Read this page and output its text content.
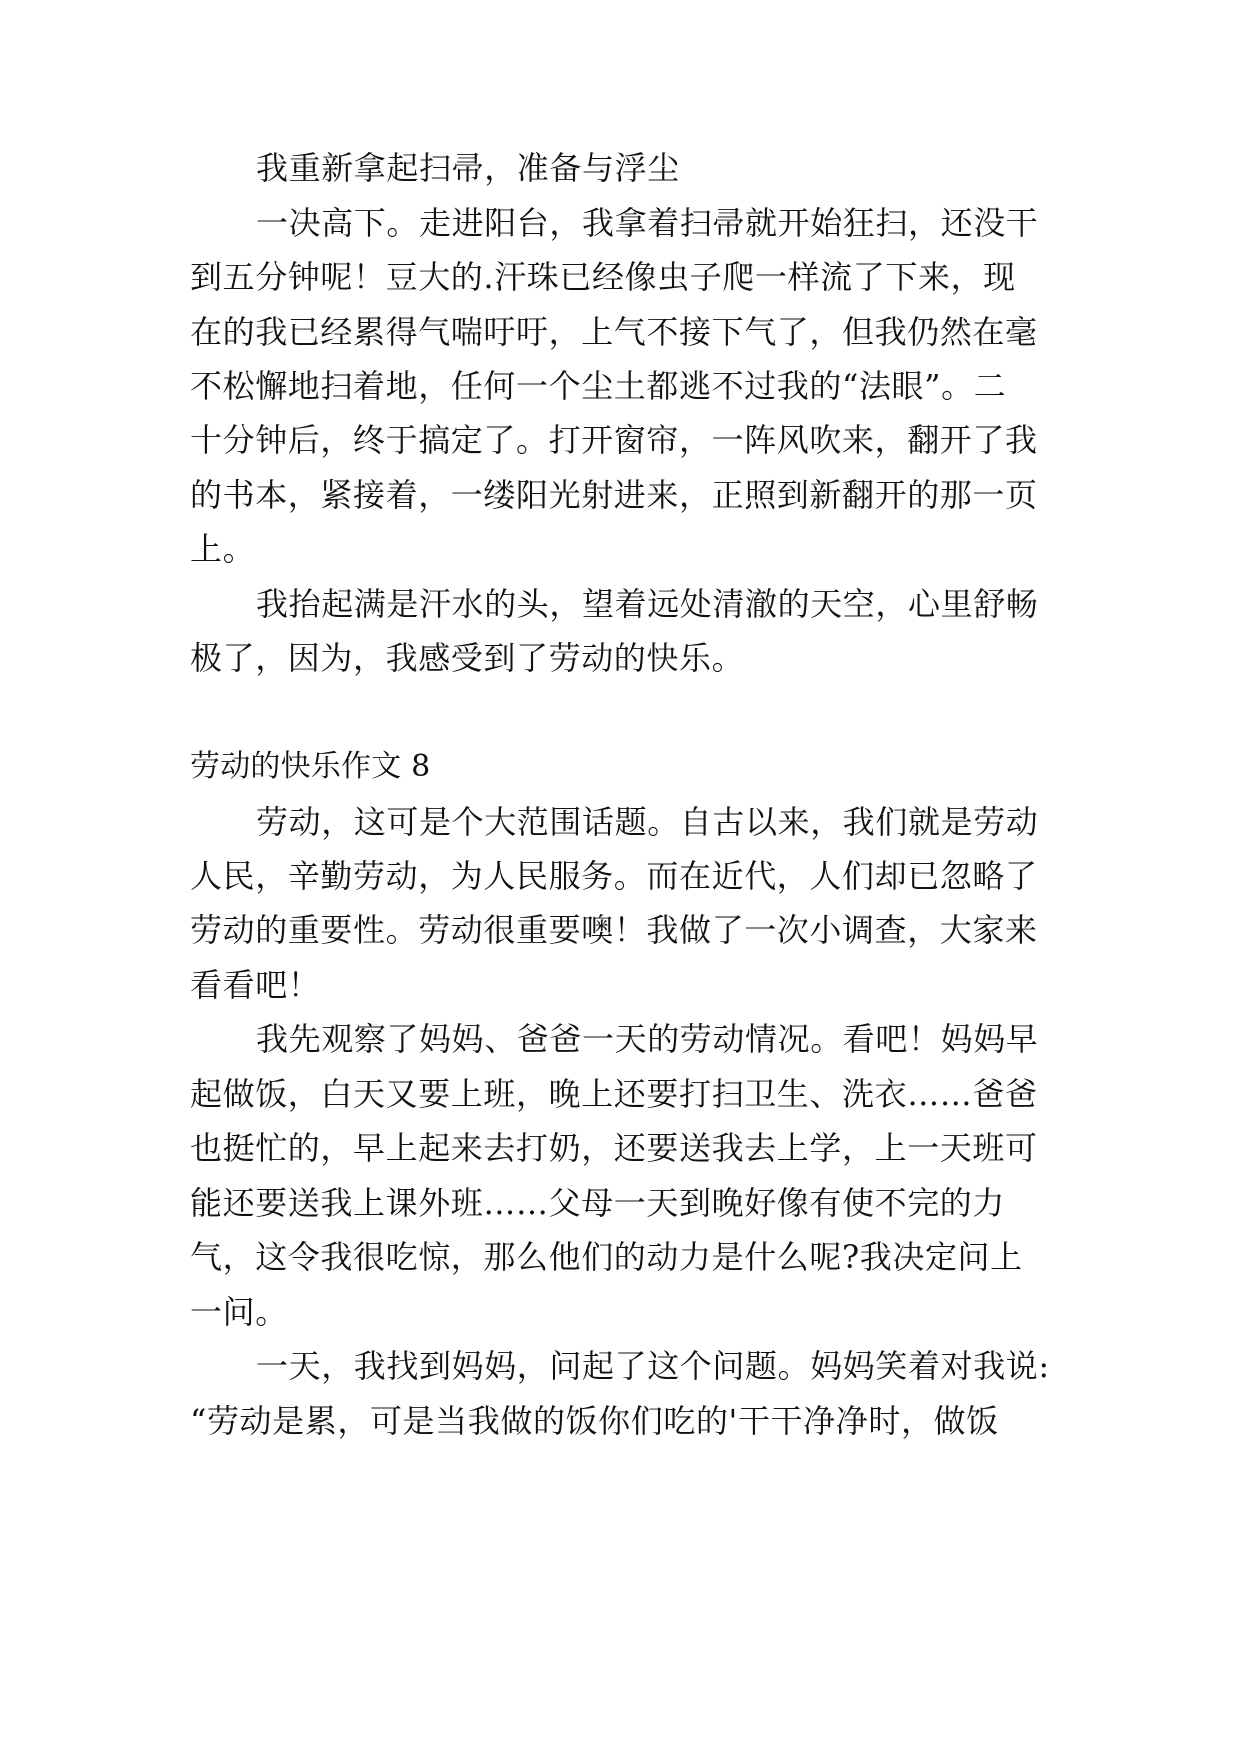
我重新拿起扫帚，准备与浮尘
一决高下。走进阳台，我拿着扫帚就开始狂扫，还没干
到五分钟呢！豆大的.汗珠已经像虫子爬一样流了下来，现
在的我已经累得气喘吁吁，上气不接下气了，但我仍然在毫
不松懈地扫着地，任何一个尘土都逃不过我的“法眼”。二
十分钟后，终于搞定了。打开窗帘，一阵风吹来，翻开了我
的书本，紧接着，一缕阳光射进来，正照到新翻开的那一页
上。
我抬起满是汗水的头，望着远处清澈的天空，心里舒畅
极了，因为，我感受到了劳动的快乐。
劳动的快乐作文 8
劳动，这可是个大范围话题。自古以来，我们就是劳动
人民，辛勤劳动，为人民服务。而在近代，人们却已忽略了
劳动的重要性。劳动很重要噢！我做了一次小调查，大家来
看看吧！
我先观察了妈妈、爸爸一天的劳动情况。看吧！妈妈早
起做饭，白天又要上班，晚上还要打扫卫生、洗衣……爸爸
也挺忙的，早上起来去打奶，还要送我去上学，上一天班可
能还要送我上课外班……父母一天到晚好像有使不完的力
气，这令我很吃惊，那么他们的动力是什么呢?我决定问上
一问。
一天，我找到妈妈，问起了这个问题。妈妈笑着对我说:
“劳动是累，可是当我做的饭你们吃的'干干净净时，做饭
